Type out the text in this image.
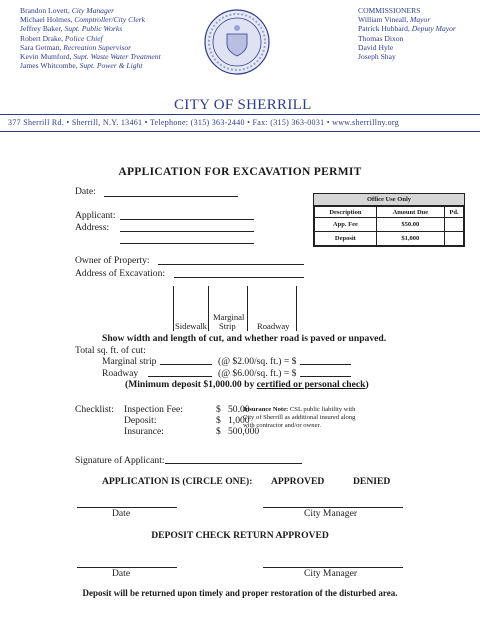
Brandon Lovett, City Manager
Michael Holmes, Comptroller/City Clerk
Jeffrey Baker, Supt. Public Works
Robert Drake, Police Chief
Sara Getman, Recreation Supervisor
Kevin Mumford, Supt. Waste Water Treatment
James Whitcombe, Supt. Power & Light
COMMISSIONERS
William Vineall, Mayor
Patrick Hubbard, Deputy Mayor
Thomas Dixon
David Hyle
Joseph Shay
CITY OF SHERRILL
377 Sherrill Rd. • Sherrill, N.Y. 13461 • Telephone: (315) 363-2440 • Fax: (315) 363-0031 • www.sherrillny.org
APPLICATION FOR EXCAVATION PERMIT
Date:
Applicant:
Address:
Office Use Only
Description	Amount Due	Pd.
App. Fee	$50.00	
Deposit	$1,000	
Owner of Property:
Address of Excavation:
Sidewalk
Marginal
Strip Roadway
Show width and length of cut, and whether road is paved or unpaved.
Total sq. ft. of cut:
Marginal strip	(@ $2.00/sq. ft.) = $
Roadway	(@ $6.00/sq. ft.) = $
(Minimum deposit $1,000.00 by certified or personal check)
Checklist: Inspection Fee:	$ 50.00
Deposit:	$ 1,000
Insurance:	$ 500,000
Insurance Note: CSL public liability with
City of Sherrill as additional insured along
with contractor and/or owner.
Signature of Applicant:
APPLICATION IS (CIRCLE ONE): APPROVED	DENIED
Date	City Manager
DEPOSIT CHECK RETURN APPROVED
Date	City Manager
Deposit will be returned upon timely and proper restoration of the disturbed area.
